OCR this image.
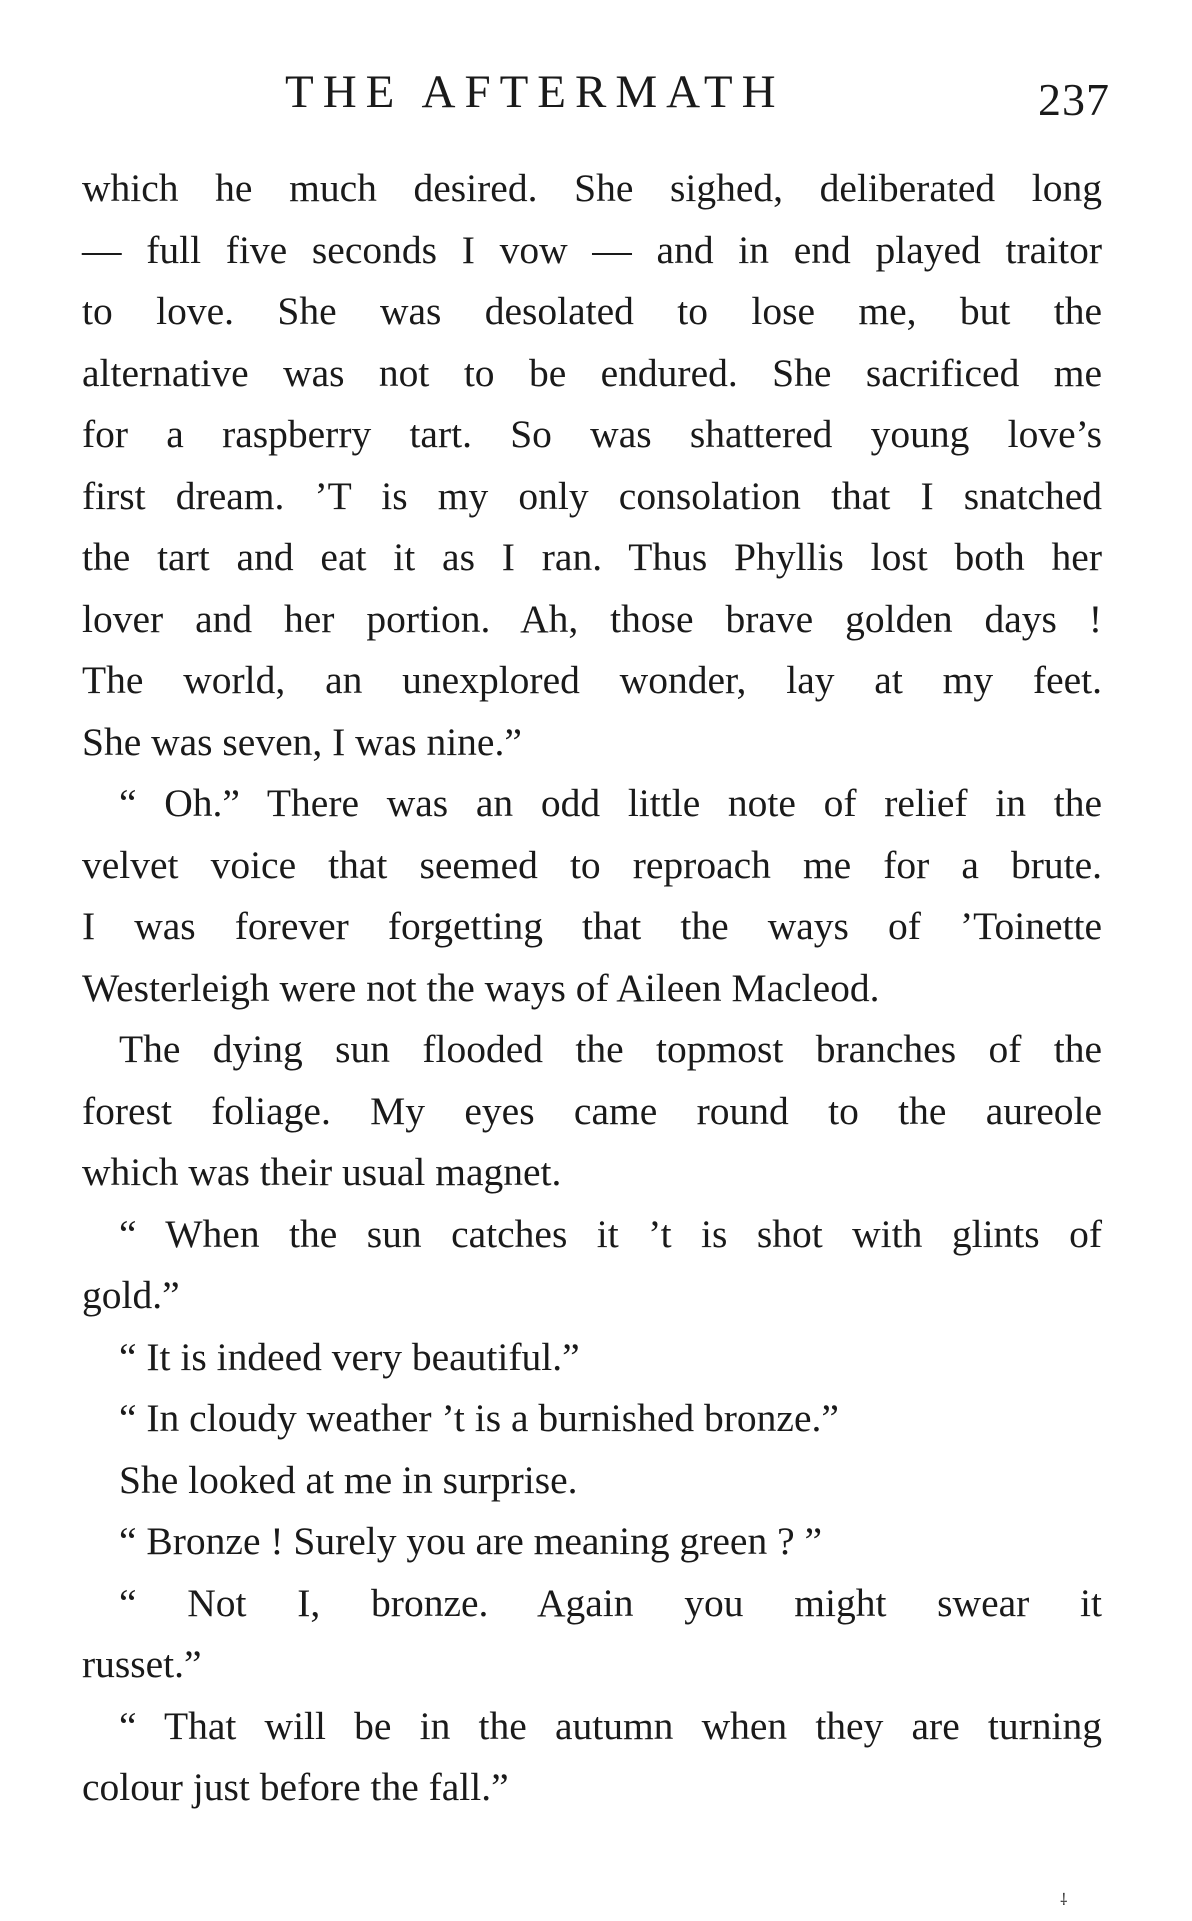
THE AFTERMATH	237
which he much desired. She sighed, deliberated long
— full five seconds I vow — and in end played traitor
to love. She was desolated to lose me, but the
alternative was not to be endured. She sacrificed me
for a raspberry tart. So was shattered young love’s
first dream. ’T is my only consolation that I snatched
the tart and eat it as I ran. Thus Phyllis lost both her
lover and her portion. Ah, those brave golden days !
The world, an unexplored wonder, lay at my feet.
She was seven, I was nine.”
“ Oh.” There was an odd little note of relief in the
velvet voice that seemed to reproach me for a brute.
I was forever forgetting that the ways of ’Toinette
Westerleigh were not the ways of Aileen Macleod.
The dying sun flooded the topmost branches of the
forest foliage. My eyes came round to the aureole
which was their usual magnet.
“ When the sun catches it ’t is shot with glints of
gold.”
“ It is indeed very beautiful.”
“ In cloudy weather ’t is a burnished bronze.”
She looked at me in surprise.
“ Bronze ! Surely you are meaning green ? ”
“ Not I, bronze. Again you might swear it
russet.”
“ That will be in the autumn when they are turning
colour just before the fall.”
⸸
